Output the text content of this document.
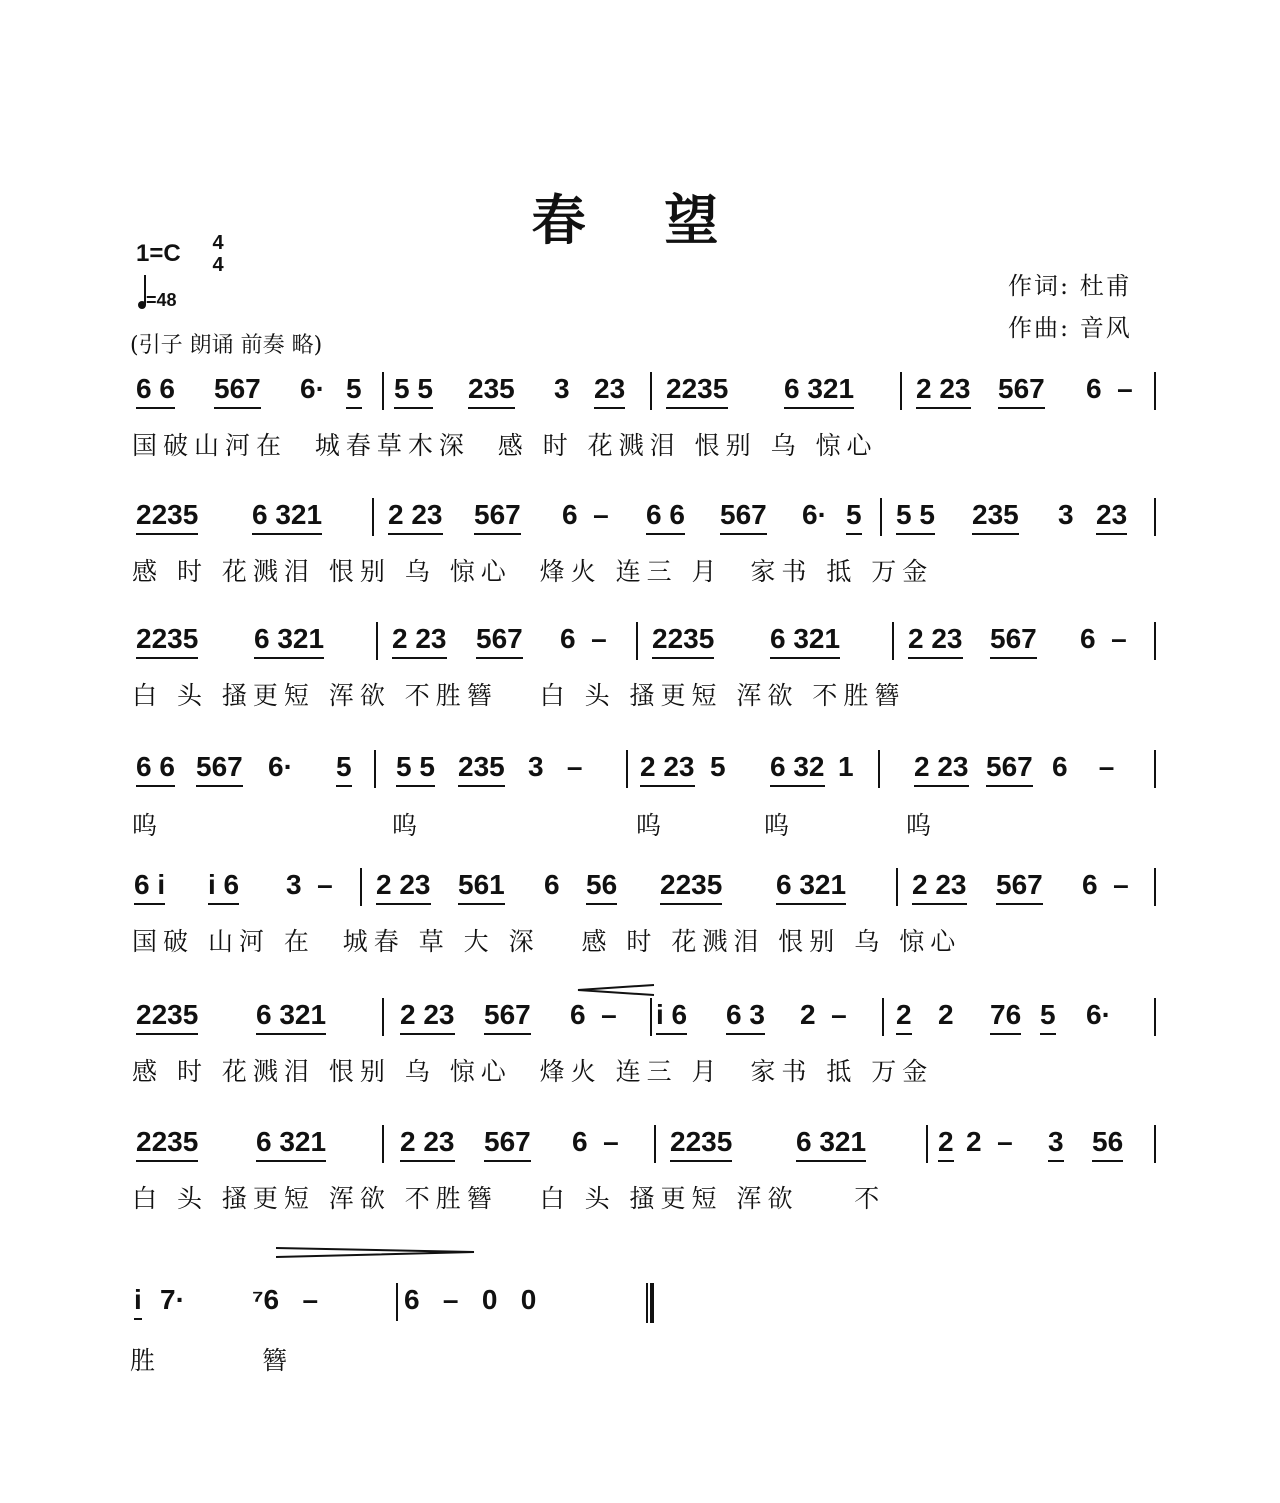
春 望
1=C 4
4
=48
(引子 朗诵 前奏 略)
作词: 杜甫
作曲: 音风
6 6 567 6· 5 5 5 235 3 23 2235 6 321 2 23 567 6  –
国破山河在  城春草木深  感 时 花溅泪 恨别 乌 惊心
2235 6 321 2 23 567 6  – 6 6 567 6· 5 5 5 235 3 23
感 时 花溅泪 恨别 乌 惊心  烽火 连三 月  家书 抵 万金
2235 6 321 2 23 567 6  – 2235 6 321 2 23 567 6  –
白 头 搔更短 浑欲 不胜簪   白 头 搔更短 浑欲 不胜簪
6 6 567 6· 5 5 5 235 3   – 2 23 5 6 32 1 2 23 567 6    –
呜	呜	呜	呜	呜
6 i i 6 3  – 2 23 561 6 56 2235 6 321 2 23 567 6  –
国破 山河 在  城春 草 大 深   感 时 花溅泪 恨别 乌 惊心
2235 6 321	2 23 567 6  – i 6 6 3 2  – 2 2 76 5 6·
感 时 花溅泪 恨别 乌 惊心  烽火 连三 月  家书 抵 万金
2235 6 321	2 23 567 6  – 2235 6 321	2 2  – 3 56
白 头 搔更短 浑欲 不胜簪   白 头 搔更短 浑欲    不
i 7· ⁷6   –	6   –   0   0
胜	簪
